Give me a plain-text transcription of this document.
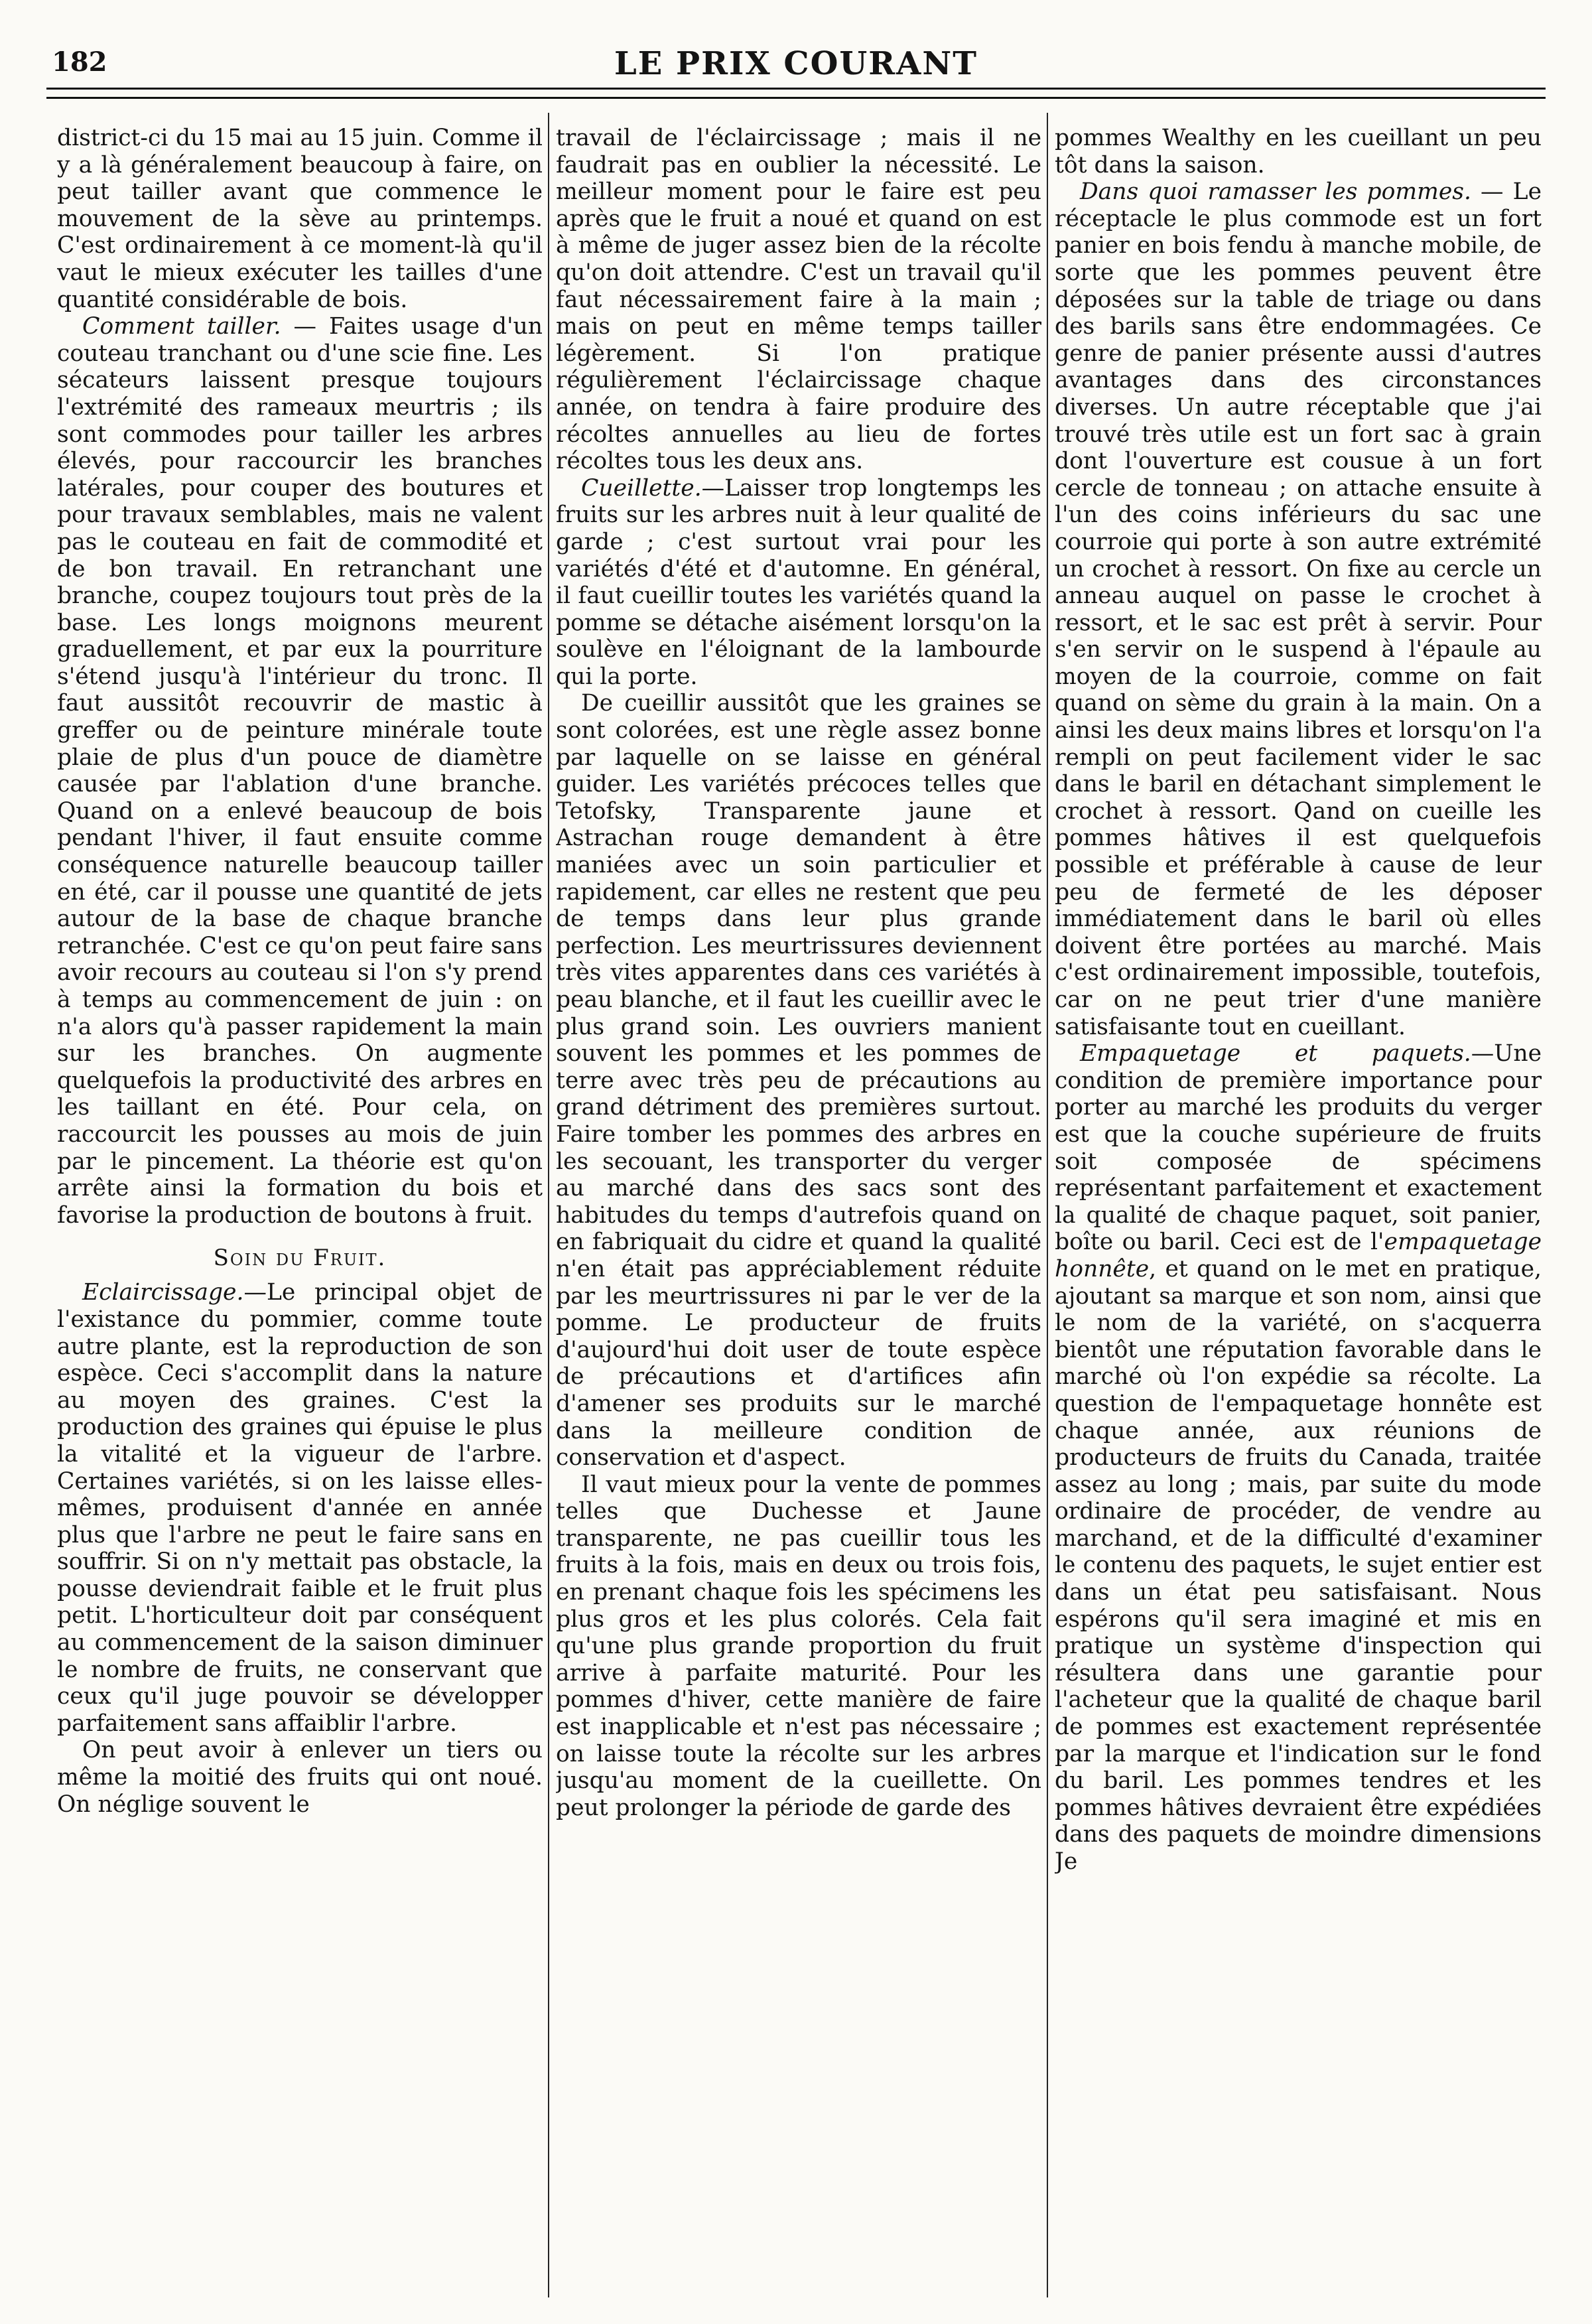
182	LE PRIX COURANT

district-ci du 15 mai au 15 juin. Comme il y a là généralement beaucoup à faire, on peut tailler avant que commence le mouvement de la sève au printemps. C'est ordinairement à ce moment-là qu'il vaut le mieux exécuter les tailles d'une quantité considérable de bois.

Comment tailler. — Faites usage d'un couteau tranchant ou d'une scie fine. Les sécateurs laissent presque toujours l'extrémité des rameaux meurtris ; ils sont commodes pour tailler les arbres élevés, pour raccourcir les branches latérales, pour couper des boutures et pour travaux semblables, mais ne valent pas le couteau en fait de commodité et de bon travail. En retranchant une branche, coupez toujours tout près de la base. Les longs moignons meurent graduellement, et par eux la pourriture s'étend jusqu'à l'intérieur du tronc. Il faut aussitôt recouvrir de mastic à greffer ou de peinture minérale toute plaie de plus d'un pouce de diamètre causée par l'ablation d'une branche. Quand on a enlevé beaucoup de bois pendant l'hiver, il faut ensuite comme conséquence naturelle beaucoup tailler en été, car il pousse une quantité de jets autour de la base de chaque branche retranchée. C'est ce qu'on peut faire sans avoir recours au couteau si l'on s'y prend à temps au commencement de juin : on n'a alors qu'à passer rapidement la main sur les branches. On augmente quelquefois la productivité des arbres en les taillant en été. Pour cela, on raccourcit les pousses au mois de juin par le pincement. La théorie est qu'on arrête ainsi la formation du bois et favorise la production de boutons à fruit.

Soin du Fruit.

Eclaircissage.—Le principal objet de l'existance du pommier, comme toute autre plante, est la reproduction de son espèce. Ceci s'accomplit dans la nature au moyen des graines. C'est la production des graines qui épuise le plus la vitalité et la vigueur de l'arbre. Certaines variétés, si on les laisse elles-mêmes, produisent d'année en année plus que l'arbre ne peut le faire sans en souffrir. Si on n'y mettait pas obstacle, la pousse deviendrait faible et le fruit plus petit. L'horticulteur doit par conséquent au commencement de la saison diminuer le nombre de fruits, ne conservant que ceux qu'il juge pouvoir se développer parfaitement sans affaiblir l'arbre.

On peut avoir à enlever un tiers ou même la moitié des fruits qui ont noué. On néglige souvent le

travail de l'éclaircissage ; mais il ne faudrait pas en oublier la nécessité. Le meilleur moment pour le faire est peu après que le fruit a noué et quand on est à même de juger assez bien de la récolte qu'on doit attendre. C'est un travail qu'il faut nécessairement faire à la main ; mais on peut en même temps tailler légèrement. Si l'on pratique régulièrement l'éclaircissage chaque année, on tendra à faire produire des récoltes annuelles au lieu de fortes récoltes tous les deux ans.

Cueillette.—Laisser trop longtemps les fruits sur les arbres nuit à leur qualité de garde ; c'est surtout vrai pour les variétés d'été et d'automne. En général, il faut cueillir toutes les variétés quand la pomme se détache aisément lorsqu'on la soulève en l'éloignant de la lambourde qui la porte.

De cueillir aussitôt que les graines se sont colorées, est une règle assez bonne par laquelle on se laisse en général guider. Les variétés précoces telles que Tetofsky, Transparente jaune et Astrachan rouge demandent à être maniées avec un soin particulier et rapidement, car elles ne restent que peu de temps dans leur plus grande perfection. Les meurtrissures deviennent très vites apparentes dans ces variétés à peau blanche, et il faut les cueillir avec le plus grand soin. Les ouvriers manient souvent les pommes et les pommes de terre avec très peu de précautions au grand détriment des premières surtout. Faire tomber les pommes des arbres en les secouant, les transporter du verger au marché dans des sacs sont des habitudes du temps d'autrefois quand on en fabriquait du cidre et quand la qualité n'en était pas appréciablement réduite par les meurtrissures ni par le ver de la pomme. Le producteur de fruits d'aujourd'hui doit user de toute espèce de précautions et d'artifices afin d'amener ses produits sur le marché dans la meilleure condition de conservation et d'aspect.

Il vaut mieux pour la vente de pommes telles que Duchesse et Jaune transparente, ne pas cueillir tous les fruits à la fois, mais en deux ou trois fois, en prenant chaque fois les spécimens les plus gros et les plus colorés. Cela fait qu'une plus grande proportion du fruit arrive à parfaite maturité. Pour les pommes d'hiver, cette manière de faire est inapplicable et n'est pas nécessaire ; on laisse toute la récolte sur les arbres jusqu'au moment de la cueillette. On peut prolonger la période de garde des

pommes Wealthy en les cueillant un peu tôt dans la saison.

Dans quoi ramasser les pommes. — Le réceptacle le plus commode est un fort panier en bois fendu à manche mobile, de sorte que les pommes peuvent être déposées sur la table de triage ou dans des barils sans être endommagées. Ce genre de panier présente aussi d'autres avantages dans des circonstances diverses. Un autre réceptable que j'ai trouvé très utile est un fort sac à grain dont l'ouverture est cousue à un fort cercle de tonneau ; on attache ensuite à l'un des coins inférieurs du sac une courroie qui porte à son autre extrémité un crochet à ressort. On fixe au cercle un anneau auquel on passe le crochet à ressort, et le sac est prêt à servir. Pour s'en servir on le suspend à l'épaule au moyen de la courroie, comme on fait quand on sème du grain à la main. On a ainsi les deux mains libres et lorsqu'on l'a rempli on peut facilement vider le sac dans le baril en détachant simplement le crochet à ressort. Qand on cueille les pommes hâtives il est quelquefois possible et préférable à cause de leur peu de fermeté de les déposer immédiatement dans le baril où elles doivent être portées au marché. Mais c'est ordinairement impossible, toutefois, car on ne peut trier d'une manière satisfaisante tout en cueillant.

Empaquetage et paquets.—Une condition de première importance pour porter au marché les produits du verger est que la couche supérieure de fruits soit composée de spécimens représentant parfaitement et exactement la qualité de chaque paquet, soit panier, boîte ou baril. Ceci est de l'empaquetage honnête, et quand on le met en pratique, ajoutant sa marque et son nom, ainsi que le nom de la variété, on s'acquerra bientôt une réputation favorable dans le marché où l'on expédie sa récolte. La question de l'empaquetage honnête est chaque année, aux réunions de producteurs de fruits du Canada, traitée assez au long ; mais, par suite du mode ordinaire de procéder, de vendre au marchand, et de la difficulté d'examiner le contenu des paquets, le sujet entier est dans un état peu satisfaisant. Nous espérons qu'il sera imaginé et mis en pratique un système d'inspection qui résultera dans une garantie pour l'acheteur que la qualité de chaque baril de pommes est exactement représentée par la marque et l'indication sur le fond du baril. Les pommes tendres et les pommes hâtives devraient être expédiées dans des paquets de moindre dimensions Je
